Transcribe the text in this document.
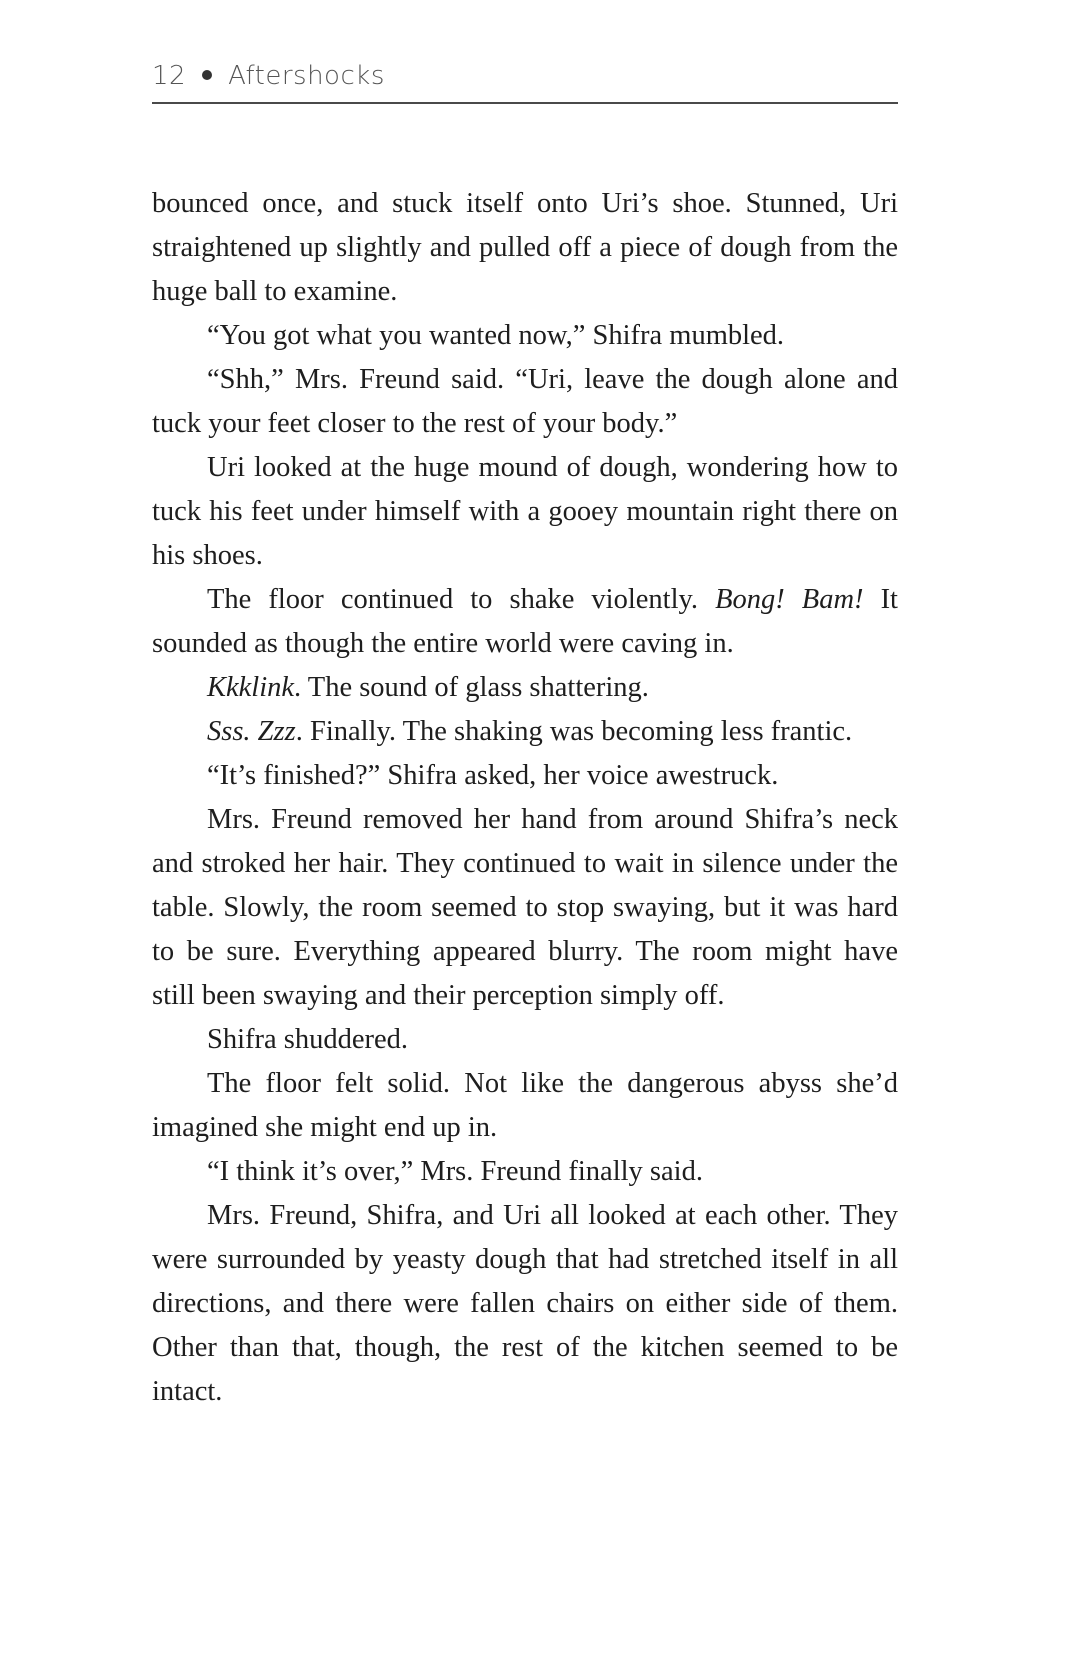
12 Aftershocks

bounced once, and stuck itself onto Uri’s shoe. Stunned, Uri straightened up slightly and pulled off a piece of dough from the huge ball to examine.

“You got what you wanted now,” Shifra mumbled.

“Shh,” Mrs. Freund said. “Uri, leave the dough alone and tuck your feet closer to the rest of your body.”

Uri looked at the huge mound of dough, wondering how to tuck his feet under himself with a gooey mountain right there on his shoes.

The floor continued to shake violently. Bong! Bam! It sounded as though the entire world were caving in.

Kkklink. The sound of glass shattering.

Sss. Zzz. Finally. The shaking was becoming less frantic.

“It’s finished?” Shifra asked, her voice awestruck.

Mrs. Freund removed her hand from around Shifra’s neck and stroked her hair. They continued to wait in silence under the table. Slowly, the room seemed to stop swaying, but it was hard to be sure. Everything appeared blurry. The room might have still been swaying and their perception simply off.

Shifra shuddered.

The floor felt solid. Not like the dangerous abyss she’d imagined she might end up in.

“I think it’s over,” Mrs. Freund finally said.

Mrs. Freund, Shifra, and Uri all looked at each other. They were surrounded by yeasty dough that had stretched itself in all directions, and there were fallen chairs on either side of them. Other than that, though, the rest of the kitchen seemed to be intact.
